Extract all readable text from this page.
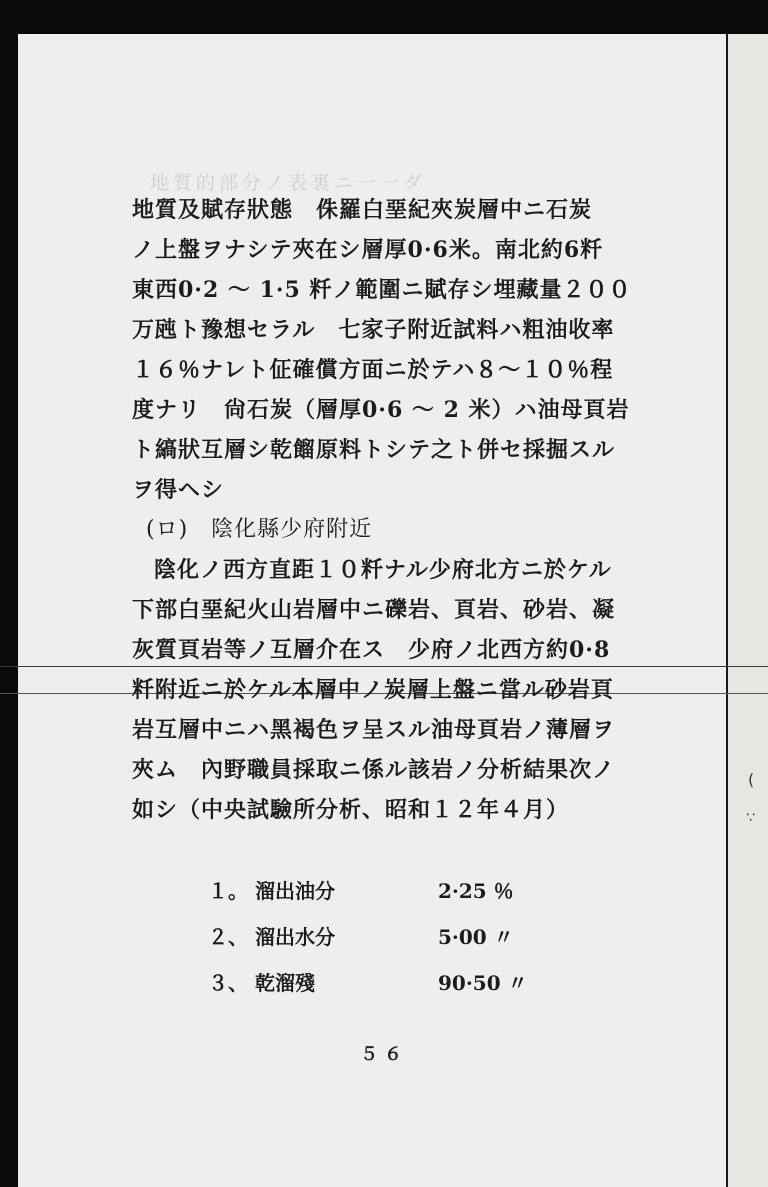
地質的部分ノ表裏ニ一一ダ
地質及賦存狀態　侏羅白堊紀夾炭層中ニ石炭
ノ上盤ヲナシテ夾在シ層厚0·6米。南北約6粁
東西0·2 ～ 1·5 粁ノ範圍ニ賦存シ埋藏量２００
万瓲ト豫想セラル　七家子附近試料ハ粗油收率
１６％ナレト佂確償方面ニ於テハ８～１０％程
度ナリ　尙石炭（層厚0·6 ～ 2 米）ハ油母頁岩
ト縞狀互層シ乾餾原料トシテ之ト併セ採掘スル
ヲ得ヘシ
(ロ)　陰化縣少府附近
陰化ノ西方直距１０粁ナル少府北方ニ於ケル
下部白堊紀火山岩層中ニ礫岩、頁岩、砂岩、凝
灰質頁岩等ノ互層介在ス　少府ノ北西方約0·8
粁附近ニ於ケル本層中ノ炭層上盤ニ當ル砂岩頁
岩互層中ニハ黑褐色ヲ呈スル油母頁岩ノ薄層ヲ
夾ム　內野職員採取ニ係ル該岩ノ分析結果次ノ
如シ（中央試驗所分析、昭和１２年４月）
１。 溜出油分	2·25 ％
２、 溜出水分	5·00 〃
３、 乾溜殘	90·50 〃
５６
(
∵
